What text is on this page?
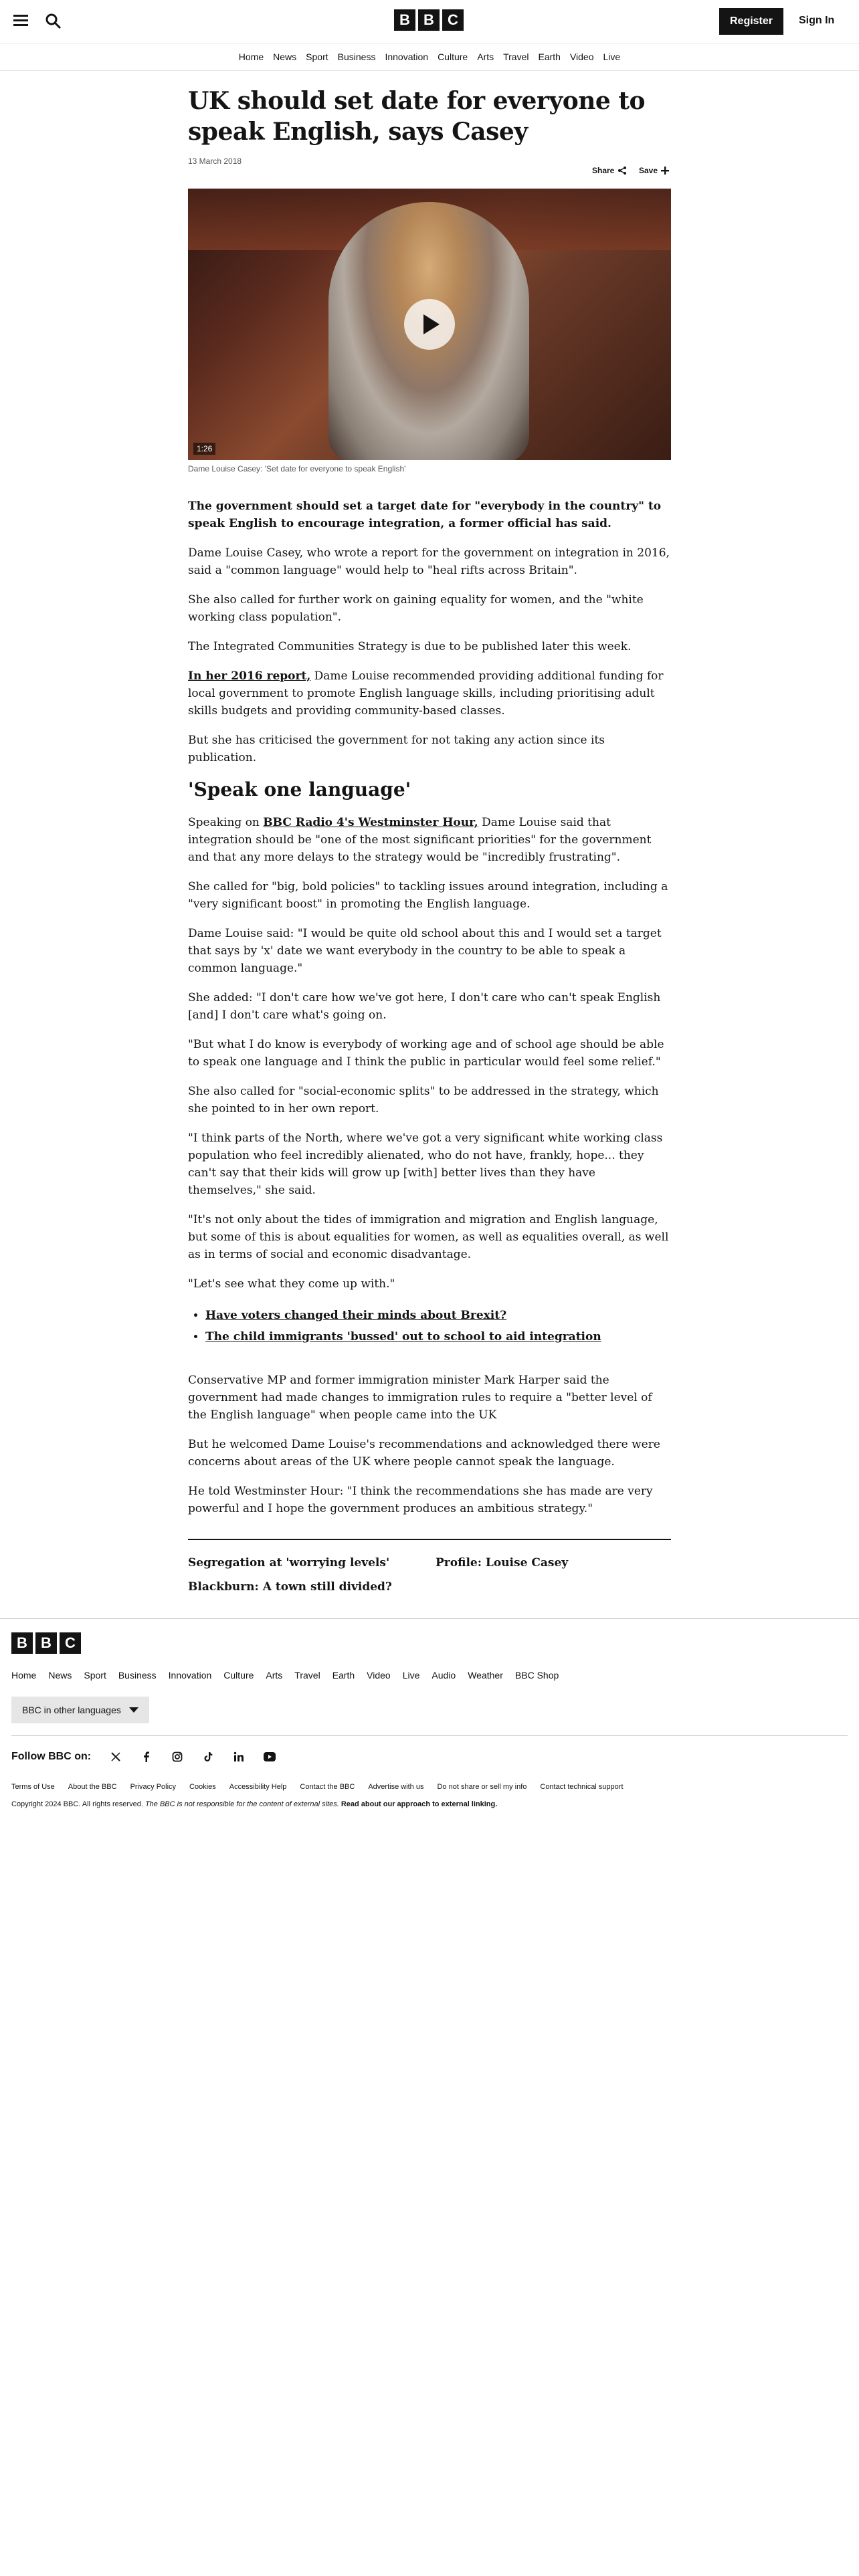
B B C	Register	Sign In
Home	News	Sport	Business	Innovation	Culture	Arts	Travel	Earth	Video	Live
UK should set date for everyone to speak English, says Casey
13 March 2018
Share	Save
1:26

Dame Louise Casey: 'Set date for everyone to speak English'

The government should set a target date for "everybody in the country" to speak English to encourage integration, a former official has said.

Dame Louise Casey, who wrote a report for the government on integration in 2016, said a "common language" would help to "heal rifts across Britain".

She also called for further work on gaining equality for women, and the "white working class population".

The Integrated Communities Strategy is due to be published later this week.

In her 2016 report, Dame Louise recommended providing additional funding for local government to promote English language skills, including prioritising adult skills budgets and providing community-based classes.

But she has criticised the government for not taking any action since its publication.

'Speak one language'

Speaking on BBC Radio 4's Westminster Hour, Dame Louise said that integration should be "one of the most significant priorities" for the government and that any more delays to the strategy would be "incredibly frustrating".

She called for "big, bold policies" to tackling issues around integration, including a "very significant boost" in promoting the English language.

Dame Louise said: "I would be quite old school about this and I would set a target that says by 'x' date we want everybody in the country to be able to speak a common language."

She added: "I don't care how we've got here, I don't care who can't speak English [and] I don't care what's going on.

"But what I do know is everybody of working age and of school age should be able to speak one language and I think the public in particular would feel some relief."

She also called for "social-economic splits" to be addressed in the strategy, which she pointed to in her own report.

"I think parts of the North, where we've got a very significant white working class population who feel incredibly alienated, who do not have, frankly, hope... they can't say that their kids will grow up [with] better lives than they have themselves," she said.

"It's not only about the tides of immigration and migration and English language, but some of this is about equalities for women, as well as equalities overall, as well as in terms of social and economic disadvantage.

"Let's see what they come up with."

• Have voters changed their minds about Brexit?
• The child immigrants 'bussed' out to school to aid integration

Conservative MP and former immigration minister Mark Harper said the government had made changes to immigration rules to require a "better level of the English language" when people came into the UK

But he welcomed Dame Louise's recommendations and acknowledged there were concerns about areas of the UK where people cannot speak the language.

He told Westminster Hour: "I think the recommendations she has made are very powerful and I hope the government produces an ambitious strategy."

Segregation at 'worrying levels'	Profile: Louise Casey
Blackburn: A town still divided?
B B C
Home News Sport Business Innovation Culture Arts Travel Earth Video Live Audio Weather BBC Shop
BBC in other languages
Follow BBC on:
Terms of Use About the BBC Privacy Policy Cookies Accessibility Help Contact the BBC Advertise with us Do not share or sell my info Contact technical support
Copyright 2024 BBC. All rights reserved. The BBC is not responsible for the content of external sites. Read about our approach to external linking.
